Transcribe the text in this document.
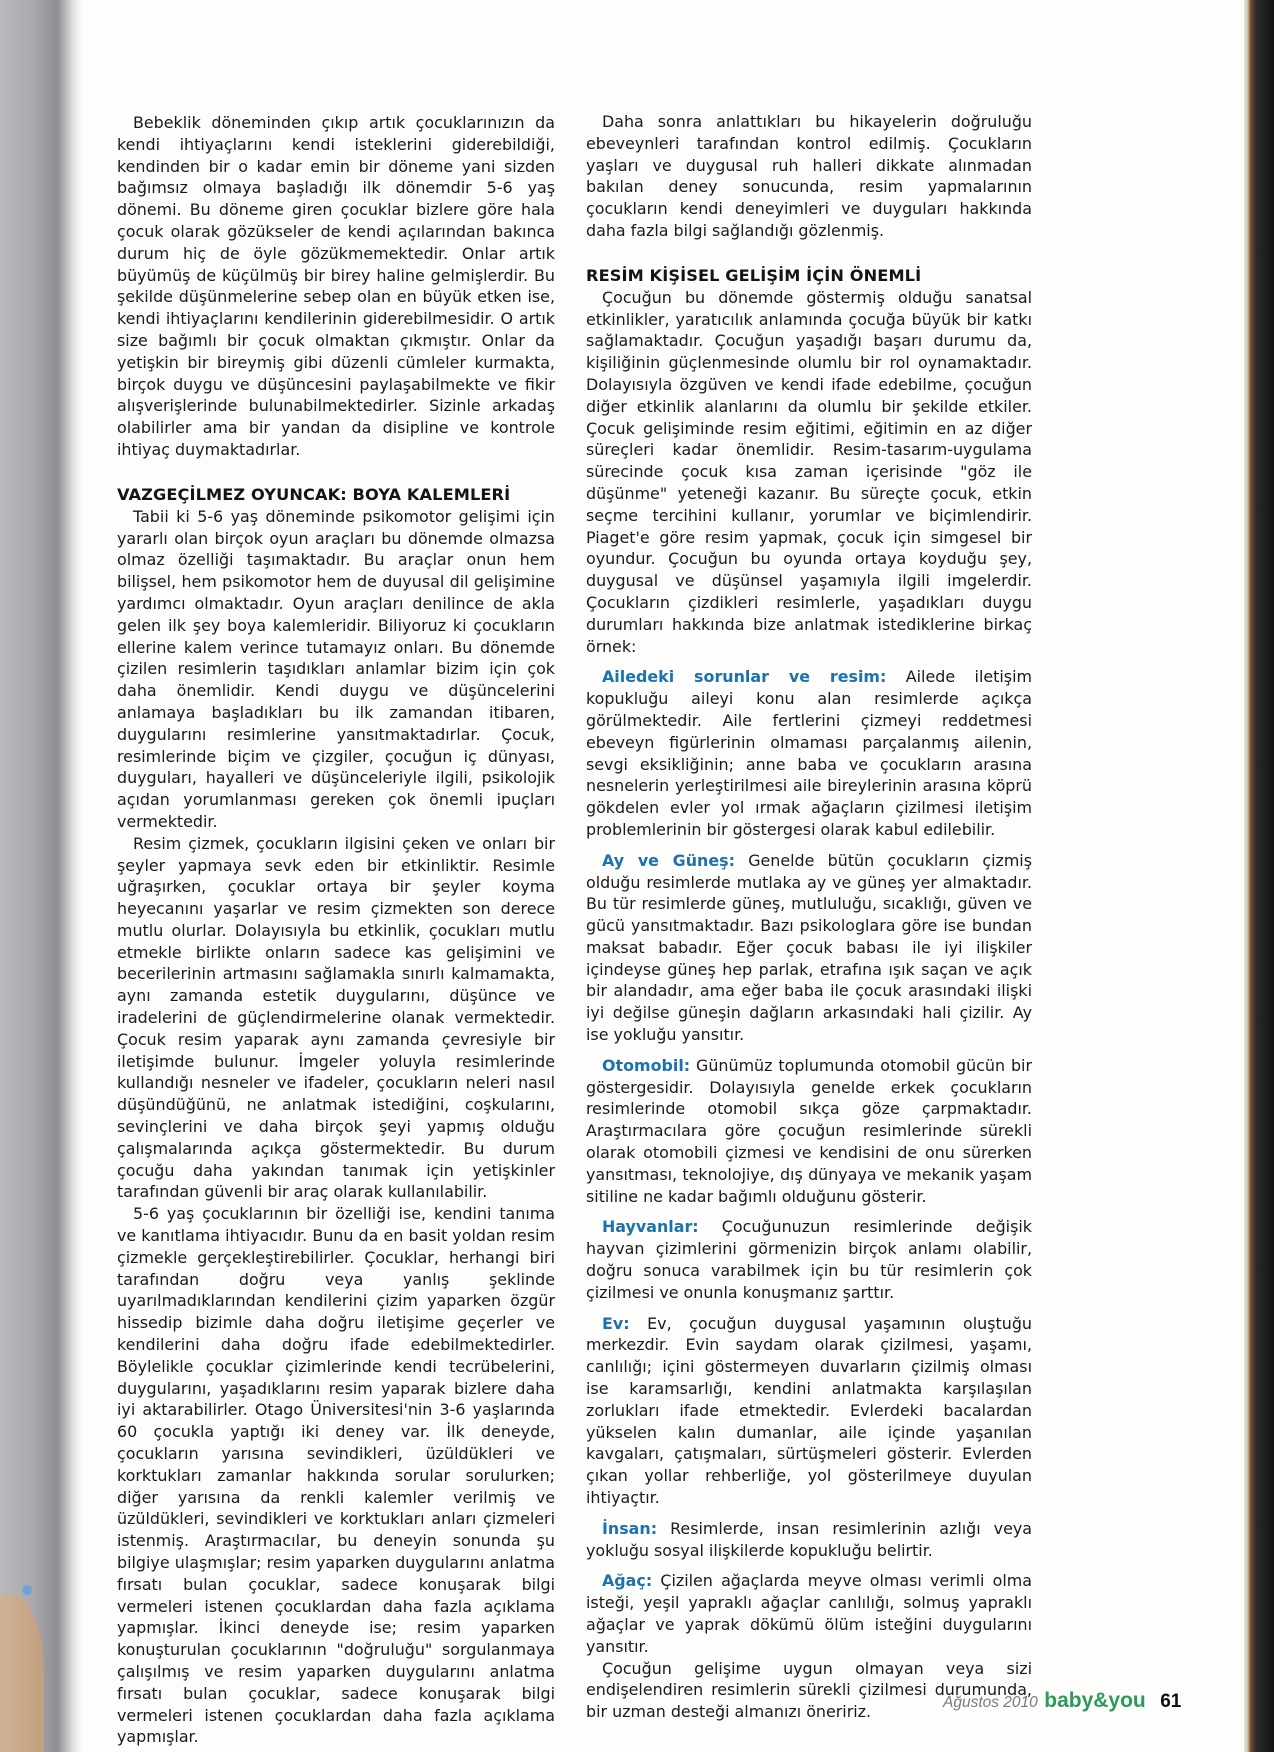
Bebeklik döneminden çıkıp artık çocuklarınızın da kendi ihtiyaçlarını kendi isteklerini giderebildiği, kendinden bir o kadar emin bir döneme yani sizden bağımsız olmaya başladığı ilk dönemdir 5-6 yaş dönemi. Bu döneme giren çocuklar bizlere göre hala çocuk olarak gözükseler de kendi açılarından bakınca durum hiç de öyle gözükmemektedir. Onlar artık büyümüş de küçülmüş bir birey haline gelmişlerdir. Bu şekilde düşünmelerine sebep olan en büyük etken ise, kendi ihtiyaçlarını kendilerinin giderebilmesidir. O artık size bağımlı bir çocuk olmaktan çıkmıştır. Onlar da yetişkin bir bireymiş gibi düzenli cümleler kurmakta, birçok duygu ve düşüncesini paylaşabilmekte ve fikir alışverişlerinde bulunabilmektedirler. Sizinle arkadaş olabilirler ama bir yandan da disipline ve kontrole ihtiyaç duymaktadırlar.

VAZGEÇİLMEZ OYUNCAK: BOYA KALEMLERİ

Tabii ki 5-6 yaş döneminde psikomotor gelişimi için yararlı olan birçok oyun araçları bu dönemde olmazsa olmaz özelliği taşımaktadır. Bu araçlar onun hem bilişsel, hem psikomotor hem de duyusal dil gelişimine yardımcı olmaktadır. Oyun araçları denilince de akla gelen ilk şey boya kalemleridir. Biliyoruz ki çocukların ellerine kalem verince tutamayız onları. Bu dönemde çizilen resimlerin taşıdıkları anlamlar bizim için çok daha önemlidir. Kendi duygu ve düşüncelerini anlamaya başladıkları bu ilk zamandan itibaren, duygularını resimlerine yansıtmaktadırlar. Çocuk, resimlerinde biçim ve çizgiler, çocuğun iç dünyası, duyguları, hayalleri ve düşünceleriyle ilgili, psikolojik açıdan yorumlanması gereken çok önemli ipuçları vermektedir.

Resim çizmek, çocukların ilgisini çeken ve onları bir şeyler yapmaya sevk eden bir etkinliktir. Resimle uğraşırken, çocuklar ortaya bir şeyler koyma heyecanını yaşarlar ve resim çizmekten son derece mutlu olurlar. Dolayısıyla bu etkinlik, çocukları mutlu etmekle birlikte onların sadece kas gelişimini ve becerilerinin artmasını sağlamakla sınırlı kalmamakta, aynı zamanda estetik duygularını, düşünce ve iradelerini de güçlendirmelerine olanak vermektedir. Çocuk resim yaparak aynı zamanda çevresiyle bir iletişimde bulunur. İmgeler yoluyla resimlerinde kullandığı nesneler ve ifadeler, çocukların neleri nasıl düşündüğünü, ne anlatmak istediğini, coşkularını, sevinçlerini ve daha birçok şeyi yapmış olduğu çalışmalarında açıkça göstermektedir. Bu durum çocuğu daha yakından tanımak için yetişkinler tarafından güvenli bir araç olarak kullanılabilir.

5-6 yaş çocuklarının bir özelliği ise, kendini tanıma ve kanıtlama ihtiyacıdır. Bunu da en basit yoldan resim çizmekle gerçekleştirebilirler. Çocuklar, herhangi biri tarafından doğru veya yanlış şeklinde uyarılmadıklarından kendilerini çizim yaparken özgür hissedip bizimle daha doğru iletişime geçerler ve kendilerini daha doğru ifade edebilmektedirler. Böylelikle çocuklar çizimlerinde kendi tecrübelerini, duygularını, yaşadıklarını resim yaparak bizlere daha iyi aktarabilirler. Otago Üniversitesi'nin 3-6 yaşlarında 60 çocukla yaptığı iki deney var. İlk deneyde, çocukların yarısına sevindikleri, üzüldükleri ve korktukları zamanlar hakkında sorular sorulurken; diğer yarısına da renkli kalemler verilmiş ve üzüldükleri, sevindikleri ve korktukları anları çizmeleri istenmiş. Araştırmacılar, bu deneyin sonunda şu bilgiye ulaşmışlar; resim yaparken duygularını anlatma fırsatı bulan çocuklar, sadece konuşarak bilgi vermeleri istenen çocuklardan daha fazla açıklama yapmışlar. İkinci deneyde ise; resim yaparken konuşturulan çocuklarının "doğruluğu" sorgulanmaya çalışılmış ve resim yaparken duygularını anlatma fırsatı bulan çocuklar, sadece konuşarak bilgi vermeleri istenen çocuklardan daha fazla açıklama yapmışlar.

Daha sonra anlattıkları bu hikayelerin doğruluğu ebeveynleri tarafından kontrol edilmiş. Çocukların yaşları ve duygusal ruh halleri dikkate alınmadan bakılan deney sonucunda, resim yapmalarının çocukların kendi deneyimleri ve duyguları hakkında daha fazla bilgi sağlandığı gözlenmiş.

RESİM KİŞİSEL GELİŞİM İÇİN ÖNEMLİ

Çocuğun bu dönemde göstermiş olduğu sanatsal etkinlikler, yaratıcılık anlamında çocuğa büyük bir katkı sağlamaktadır. Çocuğun yaşadığı başarı durumu da, kişiliğinin güçlenmesinde olumlu bir rol oynamaktadır. Dolayısıyla özgüven ve kendi ifade edebilme, çocuğun diğer etkinlik alanlarını da olumlu bir şekilde etkiler. Çocuk gelişiminde resim eğitimi, eğitimin en az diğer süreçleri kadar önemlidir. Resim-tasarım-uygulama sürecinde çocuk kısa zaman içerisinde "göz ile düşünme" yeteneği kazanır. Bu süreçte çocuk, etkin seçme tercihini kullanır, yorumlar ve biçimlendirir. Piaget'e göre resim yapmak, çocuk için simgesel bir oyundur. Çocuğun bu oyunda ortaya koyduğu şey, duygusal ve düşünsel yaşamıyla ilgili imgelerdir. Çocukların çizdikleri resimlerle, yaşadıkları duygu durumları hakkında bize anlatmak istediklerine birkaç örnek:

Ailedeki sorunlar ve resim: Ailede iletişim kopukluğu aileyi konu alan resimlerde açıkça görülmektedir. Aile fertlerini çizmeyi reddetmesi ebeveyn figürlerinin olmaması parçalanmış ailenin, sevgi eksikliğinin; anne baba ve çocukların arasına nesnelerin yerleştirilmesi aile bireylerinin arasına köprü gökdelen evler yol ırmak ağaçların çizilmesi iletişim problemlerinin bir göstergesi olarak kabul edilebilir.

Ay ve Güneş: Genelde bütün çocukların çizmiş olduğu resimlerde mutlaka ay ve güneş yer almaktadır. Bu tür resimlerde güneş, mutluluğu, sıcaklığı, güven ve gücü yansıtmaktadır. Bazı psikologlara göre ise bundan maksat babadır. Eğer çocuk babası ile iyi ilişkiler içindeyse güneş hep parlak, etrafına ışık saçan ve açık bir alandadır, ama eğer baba ile çocuk arasındaki ilişki iyi değilse güneşin dağların arkasındaki hali çizilir. Ay ise yokluğu yansıtır.

Otomobil: Günümüz toplumunda otomobil gücün bir göstergesidir. Dolayısıyla genelde erkek çocukların resimlerinde otomobil sıkça göze çarpmaktadır. Araştırmacılara göre çocuğun resimlerinde sürekli olarak otomobili çizmesi ve kendisini de onu sürerken yansıtması, teknolojiye, dış dünyaya ve mekanik yaşam sitiline ne kadar bağımlı olduğunu gösterir.

Hayvanlar: Çocuğunuzun resimlerinde değişik hayvan çizimlerini görmenizin birçok anlamı olabilir, doğru sonuca varabilmek için bu tür resimlerin çok çizilmesi ve onunla konuşmanız şarttır.

Ev: Ev, çocuğun duygusal yaşamının oluştuğu merkezdir. Evin saydam olarak çizilmesi, yaşamı, canlılığı; içini göstermeyen duvarların çizilmiş olması ise karamsarlığı, kendini anlatmakta karşılaşılan zorlukları ifade etmektedir. Evlerdeki bacalardan yükselen kalın dumanlar, aile içinde yaşanılan kavgaları, çatışmaları, sürtüşmeleri gösterir. Evlerden çıkan yollar rehberliğe, yol gösterilmeye duyulan ihtiyaçtır.

İnsan: Resimlerde, insan resimlerinin azlığı veya yokluğu sosyal ilişkilerde kopukluğu belirtir.

Ağaç: Çizilen ağaçlarda meyve olması verimli olma isteği, yeşil yapraklı ağaçlar canlılığı, solmuş yapraklı ağaçlar ve yaprak dökümü ölüm isteğini duygularını yansıtır.

Çocuğun gelişime uygun olmayan veya sizi endişelendiren resimlerin sürekli çizilmesi durumunda, bir uzman desteği almanızı öneririz.	Ağustos 2010 baby&you 61
